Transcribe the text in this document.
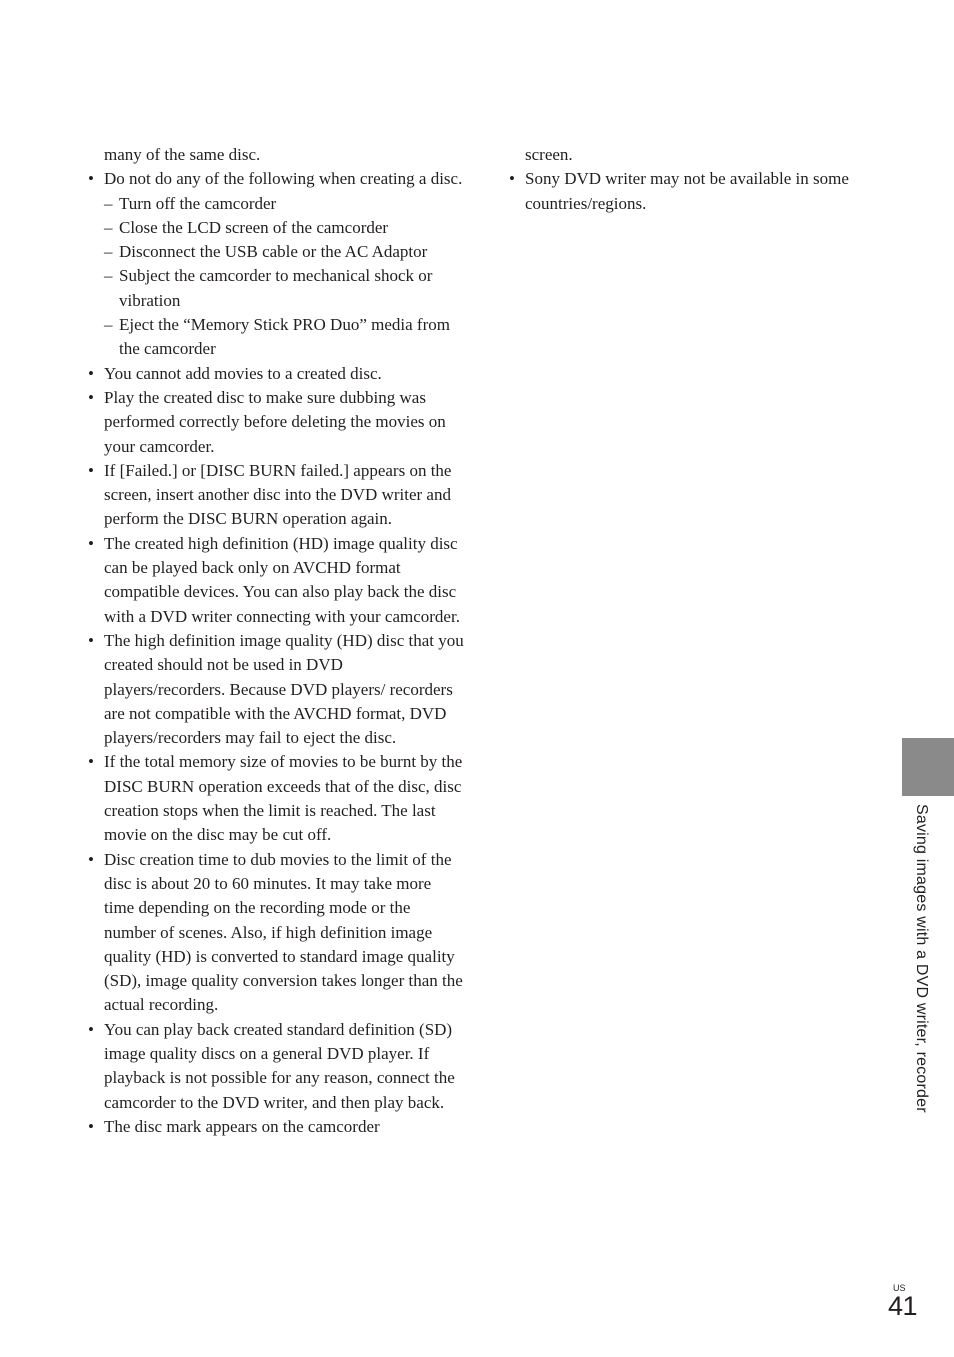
many of the same disc.

• Do not do any of the following when creating a disc.
– Turn off the camcorder
– Close the LCD screen of the camcorder
– Disconnect the USB cable or the AC Adaptor
– Subject the camcorder to mechanical shock or vibration
– Eject the “Memory Stick PRO Duo” media from the camcorder
• You cannot add movies to a created disc.
• Play the created disc to make sure dubbing was performed correctly before deleting the movies on your camcorder.
• If [Failed.] or [DISC BURN failed.] appears on the screen, insert another disc into the DVD writer and perform the DISC BURN operation again.
• The created high definition (HD) image quality disc can be played back only on AVCHD format compatible devices. You can also play back the disc with a DVD writer connecting with your camcorder.
• The high definition image quality (HD) disc that you created should not be used in DVD players/recorders. Because DVD players/ recorders are not compatible with the AVCHD format, DVD players/recorders may fail to eject the disc.
• If the total memory size of movies to be burnt by the DISC BURN operation exceeds that of the disc, disc creation stops when the limit is reached. The last movie on the disc may be cut off.
• Disc creation time to dub movies to the limit of the disc is about 20 to 60 minutes. It may take more time depending on the recording mode or the number of scenes. Also, if high definition image quality (HD) is converted to standard image quality (SD), image quality conversion takes longer than the actual recording.
• You can play back created standard definition (SD) image quality discs on a general DVD player. If playback is not possible for any reason, connect the camcorder to the DVD writer, and then play back.
• The disc mark appears on the camcorder

screen.

• Sony DVD writer may not be available in some countries/regions.
Saving images with a DVD writer, recorder
US
41
